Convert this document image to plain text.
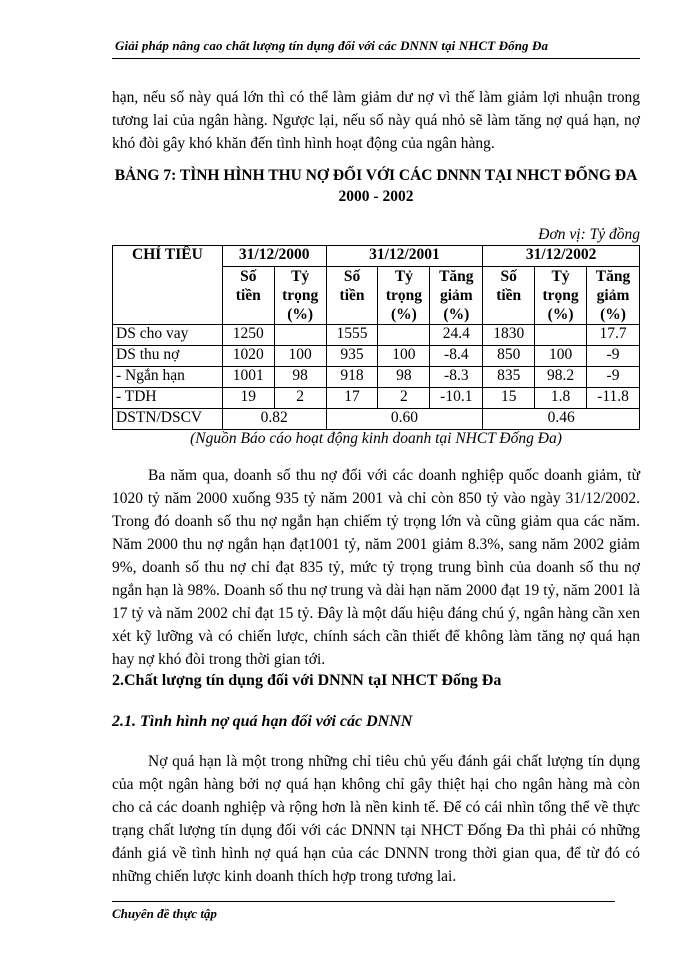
Giải pháp nâng cao chất lượng tín dụng đối với các DNNN tại NHCT Đống Đa

hạn, nếu số này quá lớn thì có thể làm giảm dư nợ vì thế làm giảm lợi nhuận trong tương lai của ngân hàng. Ngược lại, nếu số này quá nhỏ sẽ làm tăng nợ quá hạn, nợ khó đòi gây khó khăn đến tình hình hoạt động của ngân hàng.

BẢNG 7: TÌNH HÌNH THU NỢ ĐỐI VỚI CÁC DNNN TẠI NHCT ĐỐNG ĐA 2000 - 2002
Đơn vị: Tỷ đồng
CHỈ TIÊU	31/12/2000		31/12/2001			31/12/2002		
	Số tiền	Tỷ trọng (%)	Số tiền	Tỷ trọng (%)	Tăng giảm (%)	Số tiền	Tỷ trọng (%)	Tăng giảm (%)
DS cho vay	1250		1555		24.4	1830		17.7
DS thu nợ	1020	100	935	100	-8.4	850	100	-9
- Ngắn hạn	1001	98	918	98	-8.3	835	98.2	-9
- TDH	19	2	17	2	-10.1	15	1.8	-11.8
DSTN/DSCV	0.82		0.60			0.46		
(Nguồn Báo cáo hoạt động kinh doanh tại NHCT Đống Đa)

Ba năm qua, doanh số thu nợ đối với các doanh nghiệp quốc doanh giảm, từ 1020 tỷ năm 2000 xuống 935 tỷ năm 2001 và chỉ còn 850 tỷ vào ngày 31/12/2002. Trong đó doanh số thu nợ ngắn hạn chiếm tỷ trọng lớn và cũng giảm qua các năm. Năm 2000 thu nợ ngắn hạn đạt1001 tỷ, năm 2001 giảm 8.3%, sang năm 2002 giảm 9%, doanh số thu nợ chỉ đạt 835 tỷ, mức tỷ trọng trung bình của doanh số thu nợ ngắn hạn là 98%. Doanh số thu nợ trung và dài hạn năm 2000 đạt 19 tỷ, năm 2001 là 17 tỷ và năm 2002 chỉ đạt 15 tỷ. Đây là một dấu hiệu đáng chú ý, ngân hàng cần xen xét kỹ lưỡng và có chiến lược, chính sách cần thiết để không làm tăng nợ quá hạn hay nợ khó đòi trong thời gian tới.

2.Chất lượng tín dụng đối với DNNN tạI NHCT Đống Đa
2.1. Tình hình nợ quá hạn đối với các DNNN

Nợ quá hạn là một trong những chỉ tiêu chủ yếu đánh gái chất lượng tín dụng của một ngân hàng bởi nợ quá hạn không chỉ gây thiệt hại cho ngân hàng mà còn cho cả các doanh nghiệp và rộng hơn là nền kinh tế. Để có cái nhìn tổng thể về thực trạng chất lượng tín dụng đối với các DNNN tại NHCT Đống Đa thì phải có những đánh giá về tình hình nợ quá hạn của các DNNN trong thời gian qua, để từ đó có những chiến lược kinh doanh thích hợp trong tương lai.

Chuyên đề thực tập
